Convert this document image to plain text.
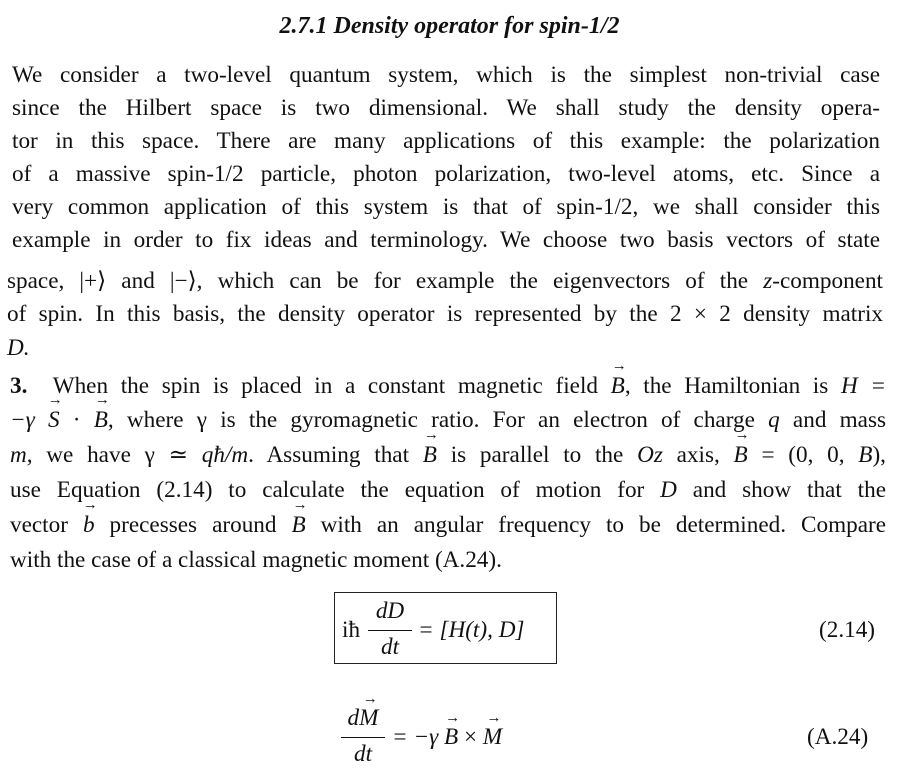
2.7.1 Density operator for spin-1/2
We consider a two-level quantum system, which is the simplest non-trivial case
since the Hilbert space is two dimensional. We shall study the density opera-
tor in this space. There are many applications of this example: the polarization
of a massive spin-1/2 particle, photon polarization, two-level atoms, etc. Since a
very common application of this system is that of spin-1/2, we shall consider this
example in order to fix ideas and terminology. We choose two basis vectors of state
space, |+⟩ and |−⟩, which can be for example the eigenvectors of the z-component
of spin. In this basis, the density operator is represented by the 2 × 2 density matrix
D.
3. When the spin is placed in a constant magnetic field → B, the Hamiltonian is H =
−γ → S · → B, where γ is the gyromagnetic ratio. For an electron of charge q and mass
m, we have γ ≃ qħ/m. Assuming that → B is parallel to the Oz axis, → B = (0, 0, B),
use Equation (2.14) to calculate the equation of motion for D and show that the
vector → b precesses around → B with an angular frequency to be determined. Compare
with the case of a classical magnetic moment (A.24).
iħ
dD
dt
= [H(t), D]	(2.14)
d→ M
dt
= −γ → B × → M	(A.24)
